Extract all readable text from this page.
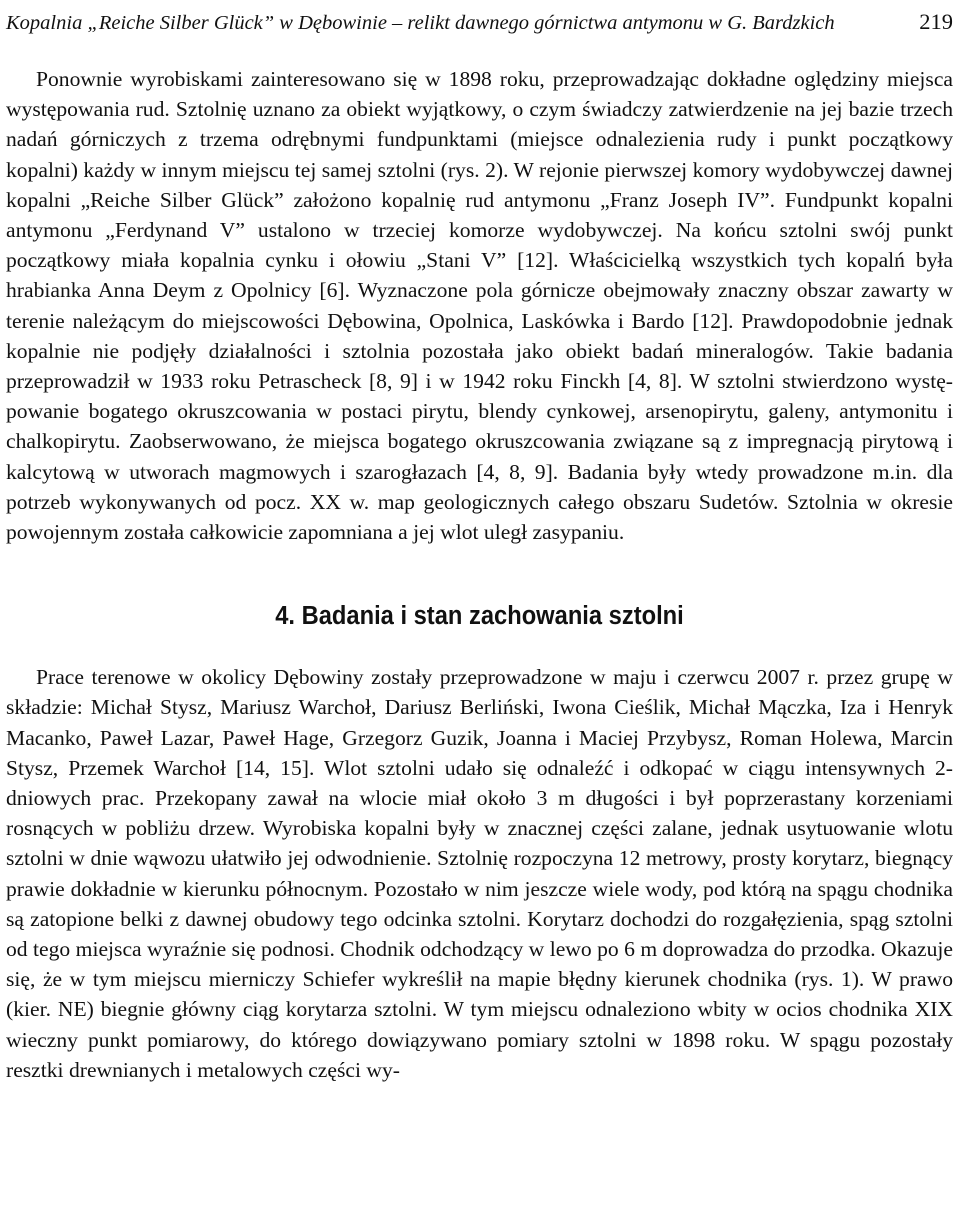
Kopalnia „Reiche Silber Glück” w Dębowinie – relikt dawnego górnictwa antymonu w G. Bardzkich	219

Ponownie wyrobiskami zainteresowano się w 1898 roku, przeprowadzając dokładne oględziny miejsca występowania rud. Sztolnię uznano za obiekt wyjątkowy, o czym świadczy zatwierdzenie na jej bazie trzech nadań górniczych z trzema odrębnymi fundpunktami (miejsce odnalezienia rudy i punkt początkowy kopalni) każdy w innym miejscu tej samej sztolni (rys. 2). W rejonie pierwszej komory wydobywczej dawnej kopalni „Reiche Silber Glück” założono kopalnię rud antymonu „Franz Joseph IV”. Fundpunkt kopalni antymonu „Ferdynand V” ustalono w trzeciej komorze wydobywczej. Na końcu sztolni swój punkt początkowy miała kopalnia cynku i ołowiu „Stani V” [12]. Właścicielką wszystkich tych kopalń była hrabianka Anna Deym z Opolnicy [6]. Wyznaczone pola górnicze obejmowały znaczny obszar zawarty w terenie należącym do miejscowości Dębowina, Opolnica, Laskówka i Bardo [12]. Prawdopodobnie jednak kopalnie nie podjęły działalności i sztolnia pozostała jako obiekt badań mineralogów. Takie badania przeprowadził w 1933 roku Petrascheck [8, 9] i w 1942 roku Finckh [4, 8]. W sztolni stwierdzono występowanie bogatego okruszcowania w postaci pirytu, blendy cynkowej, arsenopirytu, galeny, antymonitu i chalkopirytu. Zaobserwowano, że miejsca bogatego okruszcowania związane są z impregnacją pirytową i kalcytową w utworach magmowych i szarogłazach [4, 8, 9]. Badania były wtedy prowadzone m.in. dla potrzeb wykonywanych od pocz. XX w. map geologicznych całego obszaru Sudetów. Sztolnia w okresie powojennym została całkowicie zapomniana a jej wlot uległ zasypaniu.

4. Badania i stan zachowania sztolni

Prace terenowe w okolicy Dębowiny zostały przeprowadzone w maju i czerwcu 2007 r. przez grupę w składzie: Michał Stysz, Mariusz Warchoł, Dariusz Berliński, Iwona Cieślik, Michał Mączka, Iza i Henryk Macanko, Paweł Lazar, Paweł Hage, Grzegorz Guzik, Joanna i Maciej Przybysz, Roman Holewa, Marcin Stysz, Przemek Warchoł [14, 15]. Wlot sztolni udało się odnaleźć i odkopać w ciągu intensywnych 2-dniowych prac. Przekopany zawał na wlocie miał około 3 m długości i był poprzerastany korzeniami rosnących w pobliżu drzew. Wyrobiska kopalni były w znacznej części zalane, jednak usytuowanie wlotu sztolni w dnie wąwozu ułatwiło jej odwodnienie. Sztolnię rozpoczyna 12 metrowy, prosty korytarz, biegnący prawie dokładnie w kierunku północnym. Pozostało w nim jeszcze wiele wody, pod którą na spągu chodnika są zatopione belki z dawnej obudowy tego odcinka sztolni. Korytarz dochodzi do rozgałęzienia, spąg sztolni od tego miejsca wyraźnie się podnosi. Chodnik odchodzący w lewo po 6 m doprowadza do przodka. Okazuje się, że w tym miejscu mierniczy Schiefer wykreślił na mapie błędny kierunek chodnika (rys. 1). W prawo (kier. NE) biegnie główny ciąg korytarza sztolni. W tym miejscu odnaleziono wbity w ocios chodnika XIX wieczny punkt pomiarowy, do którego dowiązywano pomiary sztolni w 1898 roku. W spągu pozostały resztki drewnianych i metalowych części wy-
